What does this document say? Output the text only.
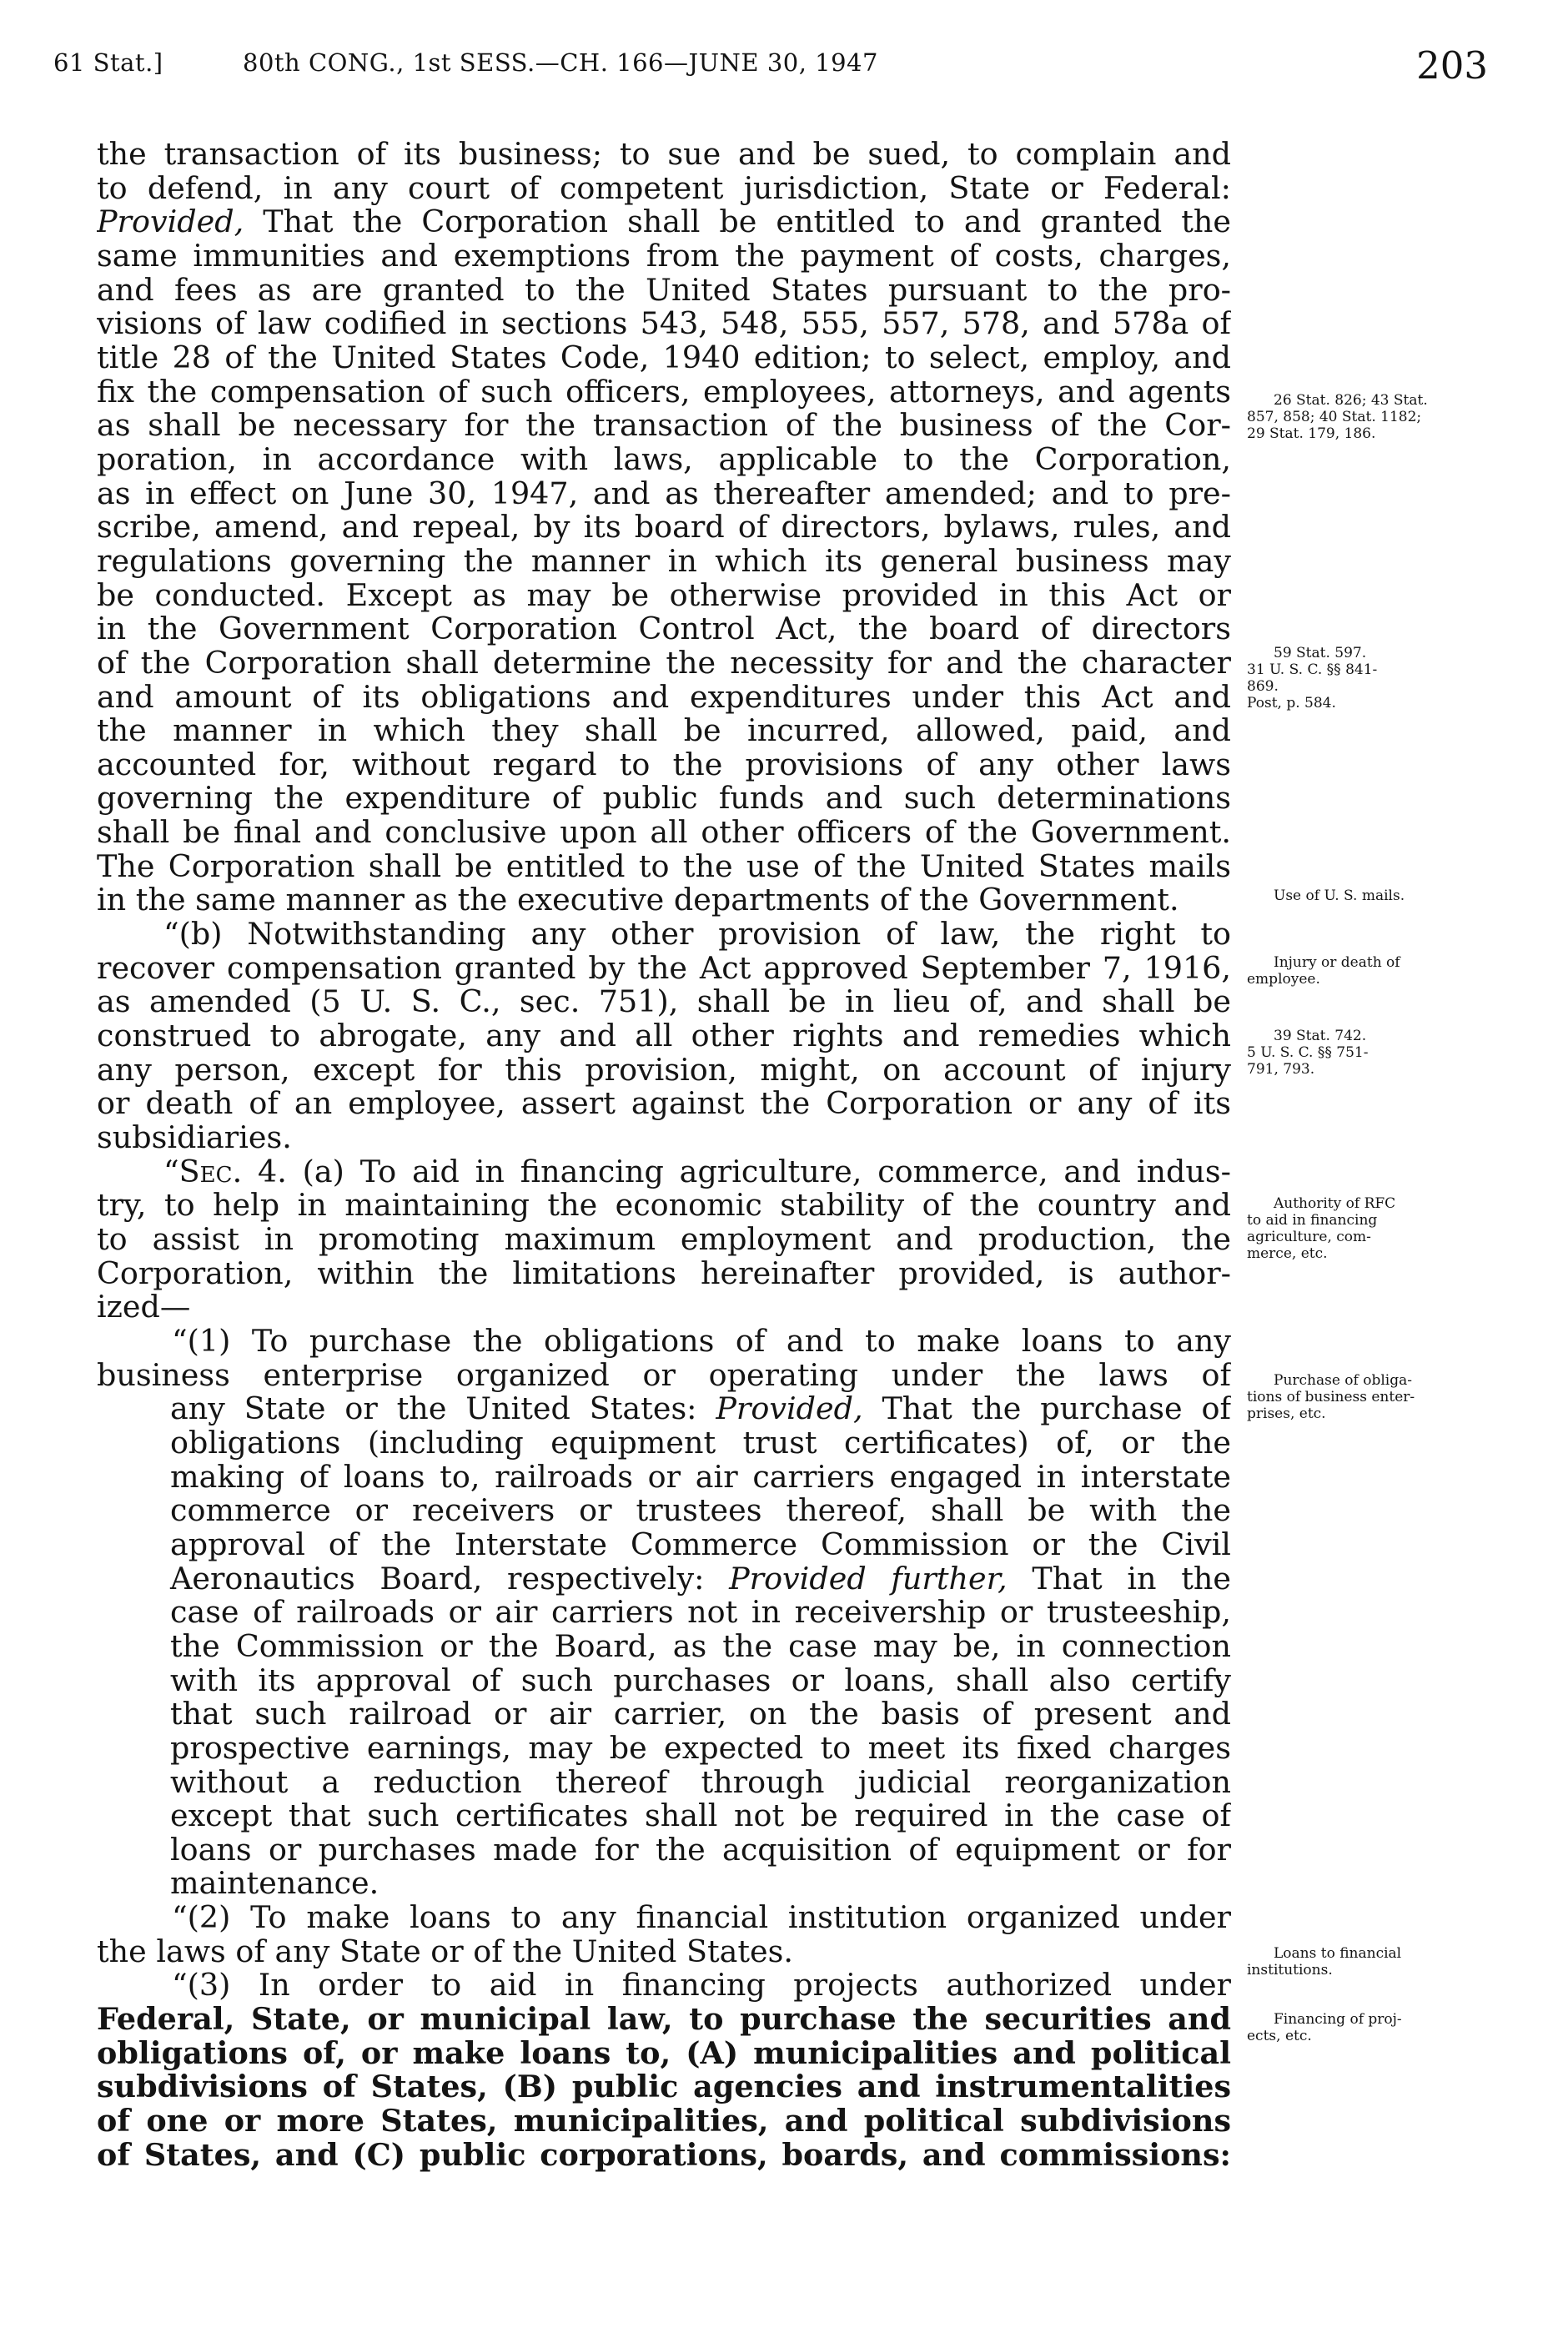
61 Stat.]	80th CONG., 1st SESS.—CH. 166—JUNE 30, 1947	203
the transaction of its business; to sue and be sued, to complain and
to defend, in any court of competent jurisdiction, State or Federal:
Provided, That the Corporation shall be entitled to and granted the
same immunities and exemptions from the payment of costs, charges,
and fees as are granted to the United States pursuant to the pro-
visions of law codified in sections 543, 548, 555, 557, 578, and 578a of
title 28 of the United States Code, 1940 edition; to select, employ, and
fix the compensation of such officers, employees, attorneys, and agents
as shall be necessary for the transaction of the business of the Cor-
poration, in accordance with laws, applicable to the Corporation,
as in effect on June 30, 1947, and as thereafter amended; and to pre-
scribe, amend, and repeal, by its board of directors, bylaws, rules, and
regulations governing the manner in which its general business may
be conducted. Except as may be otherwise provided in this Act or
in the Government Corporation Control Act, the board of directors
of the Corporation shall determine the necessity for and the character
and amount of its obligations and expenditures under this Act and
the manner in which they shall be incurred, allowed, paid, and
accounted for, without regard to the provisions of any other laws
governing the expenditure of public funds and such determinations
shall be final and conclusive upon all other officers of the Government.
The Corporation shall be entitled to the use of the United States mails
in the same manner as the executive departments of the Government.
“(b) Notwithstanding any other provision of law, the right to
recover compensation granted by the Act approved September 7, 1916,
as amended (5 U. S. C., sec. 751), shall be in lieu of, and shall be
construed to abrogate, any and all other rights and remedies which
any person, except for this provision, might, on account of injury
or death of an employee, assert against the Corporation or any of its
subsidiaries.
“Sec. 4. (a) To aid in financing agriculture, commerce, and indus-
try, to help in maintaining the economic stability of the country and
to assist in promoting maximum employment and production, the
Corporation, within the limitations hereinafter provided, is author-
ized—
“(1) To purchase the obligations of and to make loans to any
business enterprise organized or operating under the laws of
any State or the United States: Provided, That the purchase of
obligations (including equipment trust certificates) of, or the
making of loans to, railroads or air carriers engaged in interstate
commerce or receivers or trustees thereof, shall be with the
approval of the Interstate Commerce Commission or the Civil
Aeronautics Board, respectively: Provided further, That in the
case of railroads or air carriers not in receivership or trusteeship,
the Commission or the Board, as the case may be, in connection
with its approval of such purchases or loans, shall also certify
that such railroad or air carrier, on the basis of present and
prospective earnings, may be expected to meet its fixed charges
without a reduction thereof through judicial reorganization
except that such certificates shall not be required in the case of
loans or purchases made for the acquisition of equipment or for
maintenance.
“(2) To make loans to any financial institution organized under
the laws of any State or of the United States.
“(3) In order to aid in financing projects authorized under
Federal, State, or municipal law, to purchase the securities and
obligations of, or make loans to, (A) municipalities and political
subdivisions of States, (B) public agencies and instrumentalities
of one or more States, municipalities, and political subdivisions
of States, and (C) public corporations, boards, and commissions:
26 Stat. 826; 43 Stat.
857, 858; 40 Stat. 1182;
29 Stat. 179, 186.
59 Stat. 597.
31 U. S. C. §§ 841-
869.
Post, p. 584.
Use of U. S. mails.
Injury or death of
employee.
39 Stat. 742.
5 U. S. C. §§ 751-
791, 793.
Authority of RFC
to aid in financing
agriculture, com-
merce, etc.
Purchase of obliga-
tions of business enter-
prises, etc.
Loans to financial
institutions.
Financing of proj-
ects, etc.
